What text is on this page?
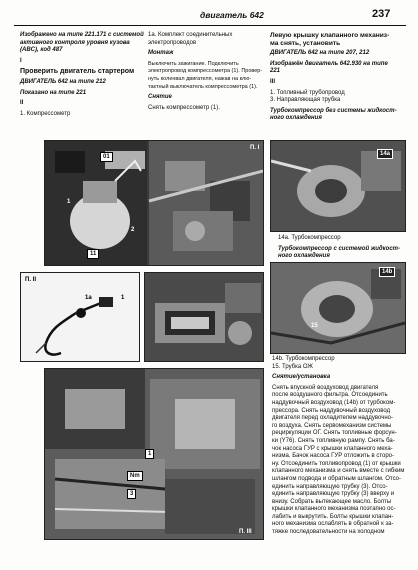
двигатель 642	237

Изображено на типе 221.171 с системой

активного контроля уровня кузова

(ABC), код 487

I

Проверить двигатель стартером

ДВИГАТЕЛЬ 642 на типе 212

Показано на типе 221

II

1. Компрессометр

1а. Комплект соединительных

электропроводов

Монтаж

Выключить зажигание. Подключить

электропровод компрессометра (1). Провер-

нуть коленвал двигателя, нажав на клю-

тактный выключатель компрессометра (1).

Снятие

Снять компрессометр (1).

Левую крышку клапанного механиз-

ма снять, установить

ДВИГАТЕЛЬ 642 на типе 207, 212

Изображён двигатель 642.930 на типе

221

III

1. Топливный трубопровод

3. Направляющая трубка

Турбокомпрессор без системы жидкост-

ного охлаждения

01
1
2
11
П. I
П. II
1а	1
1
Nm
3
П. III
14а

14а. Турбокомпрессор

Турбокомпрессор с системой жидкост-

ного охлаждения

14b
15

14b. Турбокомпрессор

15. Трубка ОЖ

Снятие/установка

Снять впускной воздуховод двигателя

после воздушного фильтра. Отсоединить

наддувочный воздуховод (14b) от турбоком-

прессора. Снять наддувочный воздуховод

двигателя перед охладителем наддувочно-

го воздуха. Снять сервомеханизм системы

рециркуляции ОГ. Снять топливные форсун-

ки (Y76). Снять топливную рампу. Снять ба-

чок насоса ГУР с крышки клапанного меха-

низма. Бачок насоса ГУР отложить в сторо-

ну. Отсоединить топливопровод (1) от крышки

клапанного механизма и снять вместе с гибким

шлангом подвода и обратным шлангом. Отсо-

единить направляющую трубку (3). Отсо-

единить направляющую трубку (3) вверху и

внизу. Собрать вытекающее масло. Болты

крышки клапанного механизма поэтапно ос-

лабить и выкрутить. Болты крышки клапан-

ного механизма ослаблять в обратной к за-

тяжке последовательности на холодном
